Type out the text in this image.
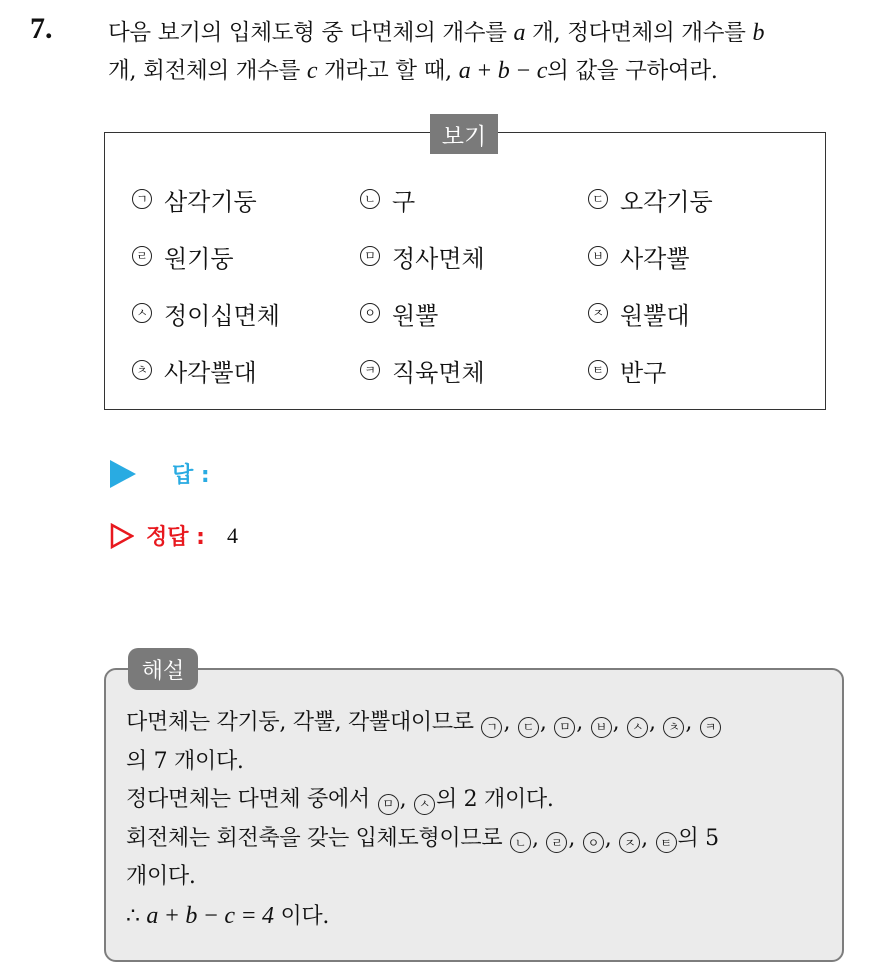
7. 다음 보기의 입체도형 중 다면체의 개수를 a 개, 정다면체의 개수를 b
개, 회전체의 개수를 c 개라고 할 때, a + b − c의 값을 구하여라.
보기
ㄱ 삼각기둥	ㄴ 구	ㄷ 오각기둥
ㄹ 원기둥	ㅁ 정사면체	ㅂ 사각뿔
ㅅ 정이십면체	ㅇ 원뿔	ㅈ 원뿔대
ㅊ 사각뿔대	ㅋ 직육면체	ㅌ 반구
답 :
정답 : 4
해설
다면체는 각기둥, 각뿔, 각뿔대이므로 ㄱ , ㄷ , ㅁ , ㅂ , ㅅ , ㅊ , ㅋ
의 7 개이다.
정다면체는 다면체 중에서 ㅁ , ㅅ 의 2 개이다.
회전체는 회전축을 갖는 입체도형이므로 ㄴ , ㄹ , ㅇ , ㅈ , ㅌ 의 5
개이다.
∴ a + b − c = 4 이다.
